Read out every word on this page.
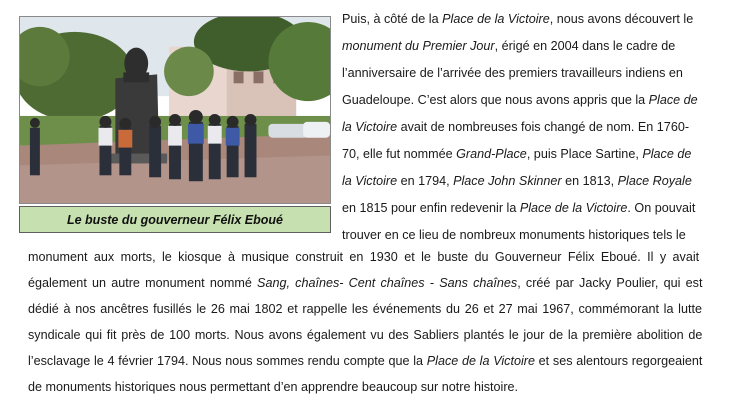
Le buste du gouverneur Félix Eboué
Puis, à côté de la Place de la Victoire, nous avons découvert le
monument du Premier Jour, érigé en 2004 dans le cadre de
l’anniversaire de l’arrivée des premiers travailleurs indiens en
Guadeloupe. C’est alors que nous avons appris que la Place de
la Victoire avait de nombreuses fois changé de nom. En 1760-
70, elle fut nommée Grand-Place, puis Place Sartine, Place de
la Victoire en 1794, Place John Skinner en 1813, Place Royale
en 1815 pour enfin redevenir la Place de la Victoire. On pouvait
trouver en ce lieu de nombreux monuments historiques tels le
monument aux morts, le kiosque à musique construit en 1930 et le buste du Gouverneur Félix Eboué. Il y avait
également un autre monument nommé Sang, chaînes- Cent chaînes - Sans chaînes, créé par Jacky Poulier, qui est
dédié à nos ancêtres fusillés le 26 mai 1802 et rappelle les événements du 26 et 27 mai 1967, commémorant la lutte
syndicale qui fit près de 100 morts. Nous avons également vu des Sabliers plantés le jour de la première abolition de
l’esclavage le 4 février 1794. Nous nous sommes rendu compte que la Place de la Victoire et ses alentours regorgeaient
de monuments historiques nous permettant d’en apprendre beaucoup sur notre histoire.
